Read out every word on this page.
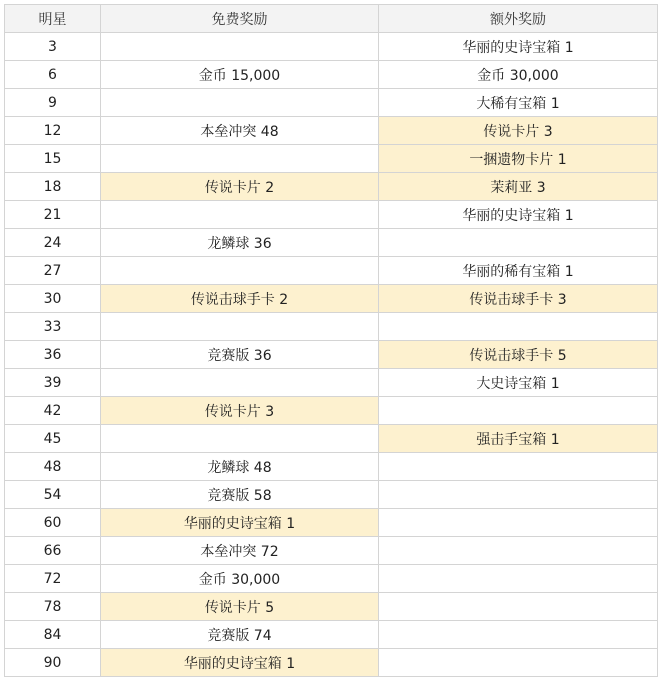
明星	免费奖励	额外奖励
3		华丽的史诗宝箱 1
6	金币 15,000	金币 30,000
9		大稀有宝箱 1
12	本垒冲突 48	传说卡片 3
15		一捆遗物卡片 1
18	传说卡片 2	茉莉亚 3
21		华丽的史诗宝箱 1
24	龙鳞球 36	
27		华丽的稀有宝箱 1
30	传说击球手卡 2	传说击球手卡 3
33		
36	竞赛版 36	传说击球手卡 5
39		大史诗宝箱 1
42	传说卡片 3	
45		强击手宝箱 1
48	龙鳞球 48	
54	竞赛版 58	
60	华丽的史诗宝箱 1	
66	本垒冲突 72	
72	金币 30,000	
78	传说卡片 5	
84	竞赛版 74	
90	华丽的史诗宝箱 1	
